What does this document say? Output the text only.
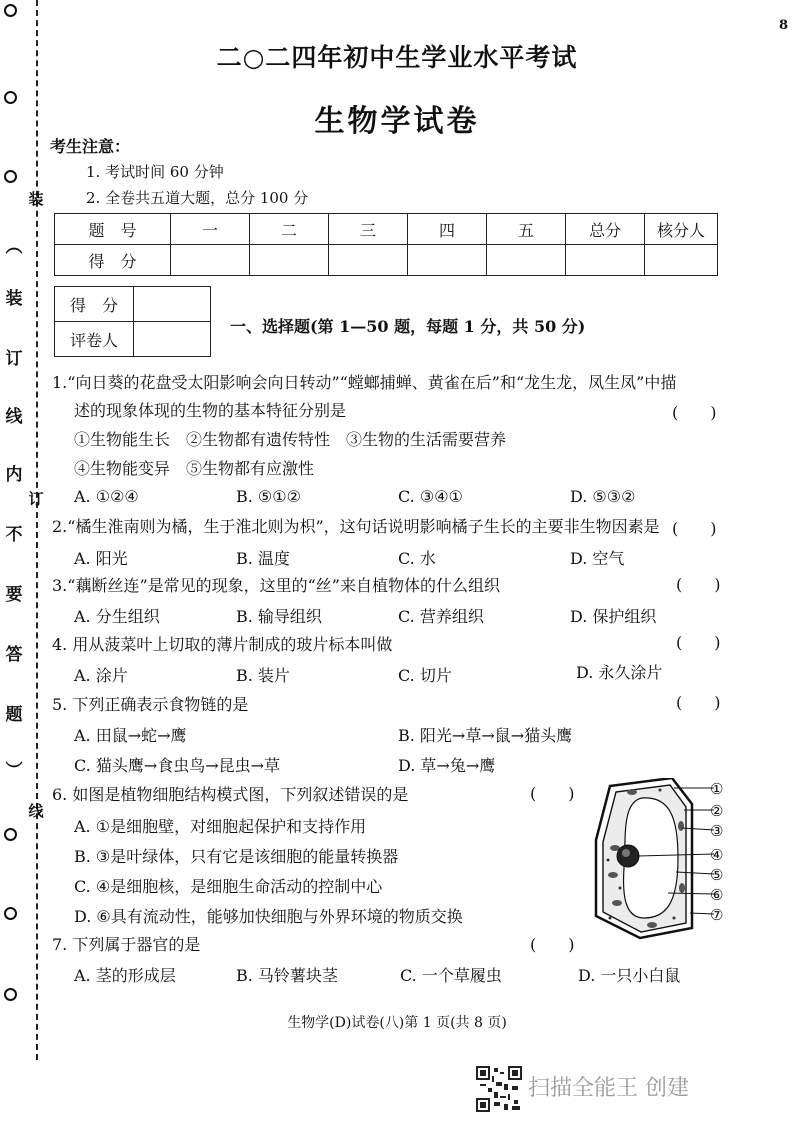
︵
装
订
线
内
不
要
答
题
︶
装
订
线
8
二○二四年初中生学业水平考试
生物学试卷
考生注意：
1. 考试时间 60 分钟
2. 全卷共五道大题，总分 100 分
题　号	一	二	三	四	五	总分	核分人
得　分							
得　分	
评卷人	
一、选择题(第 1—50 题，每题 1 分，共 50 分)
1.“向日葵的花盘受太阳影响会向日转动”“螳螂捕蝉、黄雀在后”和“龙生龙，凤生凤”中描
述的现象体现的生物的基本特征分别是	(　　)
①生物能生长　②生物都有遗传特性　③生物的生活需要营养
④生物能变异　⑤生物都有应激性
A. ①②④	B. ⑤①②	C. ③④①	D. ⑤③②
2.“橘生淮南则为橘，生于淮北则为枳”，这句话说明影响橘子生长的主要非生物因素是 (　　)
A. 阳光	B. 温度	C. 水	D. 空气
3.“藕断丝连”是常见的现象，这里的“丝”来自植物体的什么组织	(　　)
A. 分生组织	B. 输导组织	C. 营养组织	D. 保护组织
4. 用从菠菜叶上切取的薄片制成的玻片标本叫做	(　　)
A. 涂片	B. 装片	C. 切片	D. 永久涂片
5. 下列正确表示食物链的是	(　　)
A. 田鼠→蛇→鹰	B. 阳光→草→鼠→猫头鹰
C. 猫头鹰→食虫鸟→昆虫→草	D. 草→兔→鹰
6. 如图是植物细胞结构模式图，下列叙述错误的是	(　　)
A. ①是细胞壁，对细胞起保护和支持作用
B. ③是叶绿体，只有它是该细胞的能量转换器
C. ④是细胞核，是细胞生命活动的控制中心
D. ⑥具有流动性，能够加快细胞与外界环境的物质交换
①
②
③
④
⑤
⑥
⑦
7. 下列属于器官的是	(　　)
A. 茎的形成层	B. 马铃薯块茎	C. 一个草履虫	D. 一只小白鼠
生物学(D)试卷(八)第 1 页(共 8 页)
扫描全能王 创建
